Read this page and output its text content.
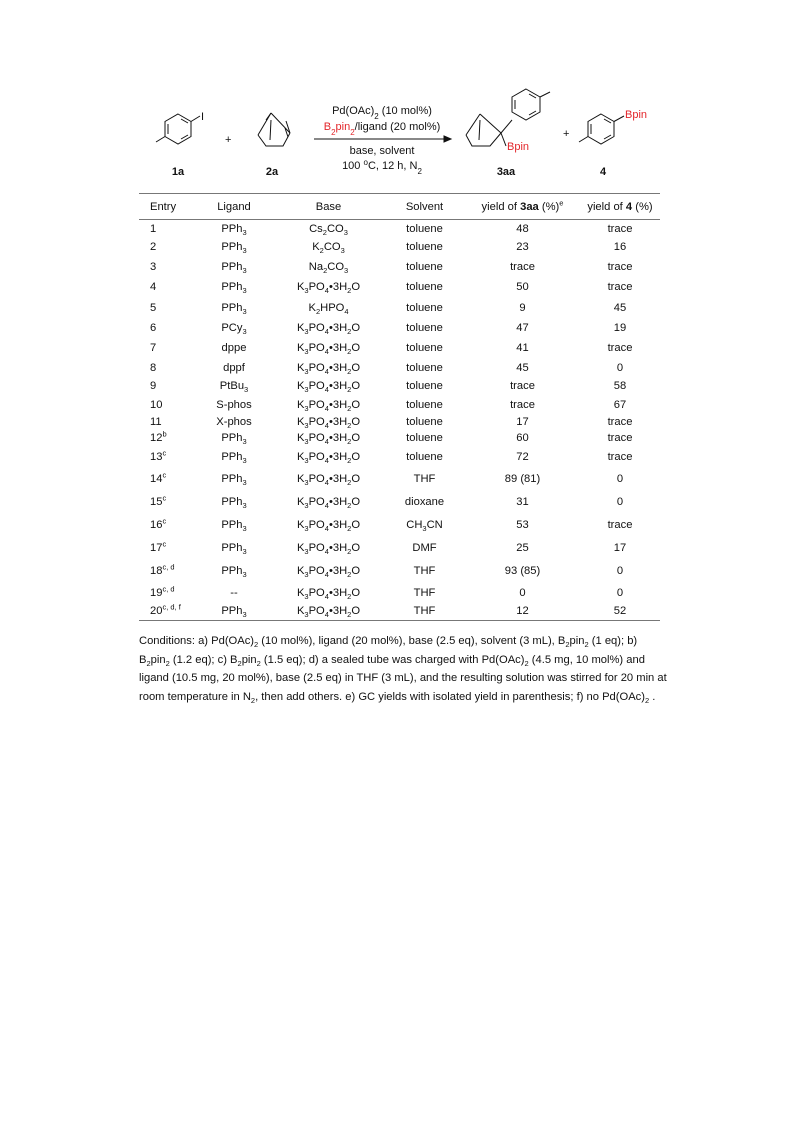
I
+	+
Bpin
Bpin
$Pd(OAc)_2$ (10 mol%)
$B_2pin_2$/ligand (20 mol%)
base, solvent
100 $^o$C, 12 h, $N_2$
1a	2a	3aa	4
Entry	Ligand	Base	Solvent	yield of 3aa (%)$^e$	yield of 4 (%)
1	PPh$_3$	$Cs_2CO_3$	toluene	48	trace
2	PPh$_3$	$K_2CO_3$	toluene	23	16
3	PPh$_3$	$Na_2CO_3$	toluene	trace	trace
4	PPh$_3$	$K_3PO_4•3H_2O$	toluene	50	trace
5	PPh$_3$	$K_2HPO_4$	toluene	9	45
6	PCy$_3$	$K_3PO_4•3H_2O$	toluene	47	19
7	dppe	$K_3PO_4•3H_2O$	toluene	41	trace
8	dppf	$K_3PO_4•3H_2O$	toluene	45	0
9	PtBu$_3$	$K_3PO_4•3H_2O$	toluene	trace	58
10	S-phos	$K_3PO_4•3H_2O$	toluene	trace	67
11	X-phos	$K_3PO_4•3H_2O$	toluene	17	trace
12$^b$	PPh$_3$	$K_3PO_4•3H_2O$	toluene	60	trace
13$^c$	PPh$_3$	$K_3PO_4•3H_2O$	toluene	72	trace
14$^c$	PPh$_3$	$K_3PO_4•3H_2O$	THF	89 (81)	0
15$^c$	PPh$_3$	$K_3PO_4•3H_2O$	dioxane	31	0
16$^c$	PPh$_3$	$K_3PO_4•3H_2O$	$CH_3CN$	53	trace
17$^c$	PPh$_3$	$K_3PO_4•3H_2O$	DMF	25	17
18$^{c, d}$	PPh$_3$	$K_3PO_4•3H_2O$	THF	93 (85)	0
19$^{c, d}$	--	$K_3PO_4•3H_2O$	THF	0	0
20$^{c, d, f}$	PPh$_3$	$K_3PO_4•3H_2O$	THF	12	52

Conditions: a) $Pd(OAc)_2$ (10 mol%), ligand (20 mol%), base (2.5 eq), solvent (3 mL), $B_2pin_2$ (1 eq); b) $B_2pin_2$ (1.2 eq); c) $B_2pin_2$ (1.5 eq); d) a sealed tube was charged with $Pd(OAc)_2$ (4.5 mg, 10 mol%) and ligand (10.5 mg, 20 mol%), base (2.5 eq) in THF (3 mL), and the resulting solution was stirred for 20 min at room temperature in $N_2$, then add others. e) GC yields with isolated yield in parenthesis; f) no $Pd(OAc)_2$ .
